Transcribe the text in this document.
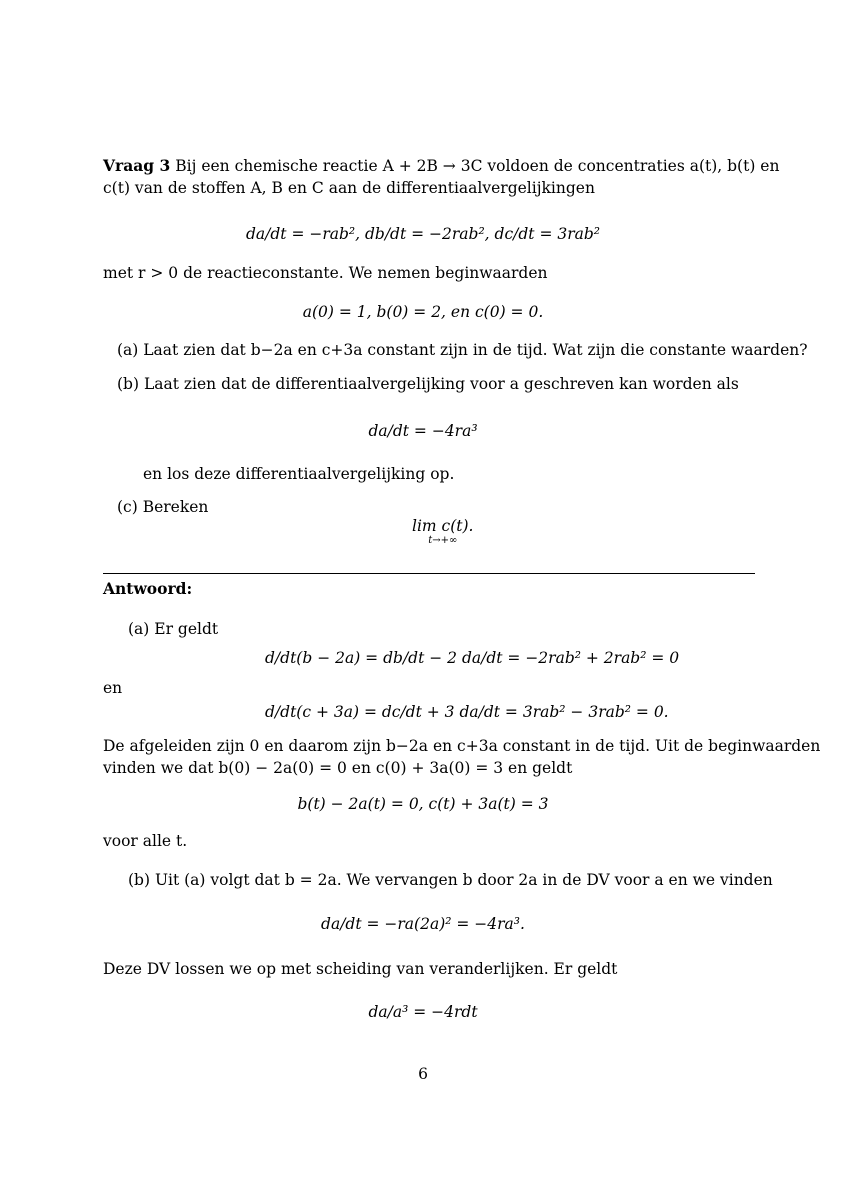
Vraag 3 Bij een chemische reactie A + 2B → 3C voldoen de concentraties a(t), b(t) en
c(t) van de stoffen A, B en C aan de differentiaalvergelijkingen
da/dt = −rab², db/dt = −2rab², dc/dt = 3rab²
met r > 0 de reactieconstante. We nemen beginwaarden
a(0) = 1, b(0) = 2, en c(0) = 0.
(a) Laat zien dat b−2a en c+3a constant zijn in de tijd. Wat zijn die constante waarden?
(b) Laat zien dat de differentiaalvergelijking voor a geschreven kan worden als
da/dt = −4ra³
en los deze differentiaalvergelijking op.
(c) Bereken
lim c(t).
t→+∞
Antwoord:
(a) Er geldt
d/dt(b − 2a) = db/dt − 2 da/dt = −2rab² + 2rab² = 0
en
d/dt(c + 3a) = dc/dt + 3 da/dt = 3rab² − 3rab² = 0.
De afgeleiden zijn 0 en daarom zijn b−2a en c+3a constant in de tijd. Uit de beginwaarden
vinden we dat b(0) − 2a(0) = 0 en c(0) + 3a(0) = 3 en geldt
b(t) − 2a(t) = 0, c(t) + 3a(t) = 3
voor alle t.
(b) Uit (a) volgt dat b = 2a. We vervangen b door 2a in de DV voor a en we vinden
da/dt = −ra(2a)² = −4ra³.
Deze DV lossen we op met scheiding van veranderlijken. Er geldt
da/a³ = −4rdt
6
